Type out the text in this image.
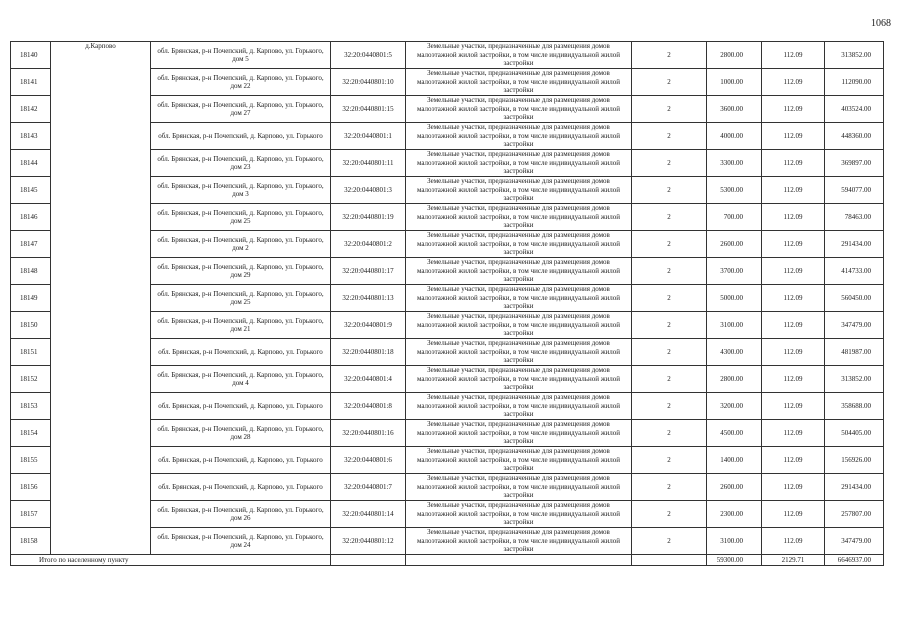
1068
18140	д.Карпово	обл. Брянская, р-н Почепский, д. Карпово, ул. Горького, дом 5	32:20:0440801:5	Земельные участки, предназначенные для размещения домов малоэтажной жилой застройки, в том числе индивидуальной жилой застройки	2	2800.00	112.09	313852.00
18141		обл. Брянская, р-н Почепский, д. Карпово, ул. Горького, дом 22	32:20:0440801:10	Земельные участки, предназначенные для размещения домов малоэтажной жилой застройки, в том числе индивидуальной жилой застройки	2	1000.00	112.09	112090.00
18142		обл. Брянская, р-н Почепский, д. Карпово, ул. Горького, дом 27	32:20:0440801:15	Земельные участки, предназначенные для размещения домов малоэтажной жилой застройки, в том числе индивидуальной жилой застройки	2	3600.00	112.09	403524.00
18143		обл. Брянская, р-н Почепский, д. Карпово, ул. Горького	32:20:0440801:1	Земельные участки, предназначенные для размещения домов малоэтажной жилой застройки, в том числе индивидуальной жилой застройки	2	4000.00	112.09	448360.00
18144		обл. Брянская, р-н Почепский, д. Карпово, ул. Горького, дом 23	32:20:0440801:11	Земельные участки, предназначенные для размещения домов малоэтажной жилой застройки, в том числе индивидуальной жилой застройки	2	3300.00	112.09	369897.00
18145		обл. Брянская, р-н Почепский, д. Карпово, ул. Горького, дом 3	32:20:0440801:3	Земельные участки, предназначенные для размещения домов малоэтажной жилой застройки, в том числе индивидуальной жилой застройки	2	5300.00	112.09	594077.00
18146		обл. Брянская, р-н Почепский, д. Карпово, ул. Горького, дом 25	32:20:0440801:19	Земельные участки, предназначенные для размещения домов малоэтажной жилой застройки, в том числе индивидуальной жилой застройки	2	700.00	112.09	78463.00
18147		обл. Брянская, р-н Почепский, д. Карпово, ул. Горького, дом 2	32:20:0440801:2	Земельные участки, предназначенные для размещения домов малоэтажной жилой застройки, в том числе индивидуальной жилой застройки	2	2600.00	112.09	291434.00
18148		обл. Брянская, р-н Почепский, д. Карпово, ул. Горького, дом 29	32:20:0440801:17	Земельные участки, предназначенные для размещения домов малоэтажной жилой застройки, в том числе индивидуальной жилой застройки	2	3700.00	112.09	414733.00
18149		обл. Брянская, р-н Почепский, д. Карпово, ул. Горького, дом 25	32:20:0440801:13	Земельные участки, предназначенные для размещения домов малоэтажной жилой застройки, в том числе индивидуальной жилой застройки	2	5000.00	112.09	560450.00
18150		обл. Брянская, р-н Почепский, д. Карпово, ул. Горького, дом 21	32:20:0440801:9	Земельные участки, предназначенные для размещения домов малоэтажной жилой застройки, в том числе индивидуальной жилой застройки	2	3100.00	112.09	347479.00
18151		обл. Брянская, р-н Почепский, д. Карпово, ул. Горького	32:20:0440801:18	Земельные участки, предназначенные для размещения домов малоэтажной жилой застройки, в том числе индивидуальной жилой застройки	2	4300.00	112.09	481987.00
18152		обл. Брянская, р-н Почепский, д. Карпово, ул. Горького, дом 4	32:20:0440801:4	Земельные участки, предназначенные для размещения домов малоэтажной жилой застройки, в том числе индивидуальной жилой застройки	2	2800.00	112.09	313852.00
18153		обл. Брянская, р-н Почепский, д. Карпово, ул. Горького	32:20:0440801:8	Земельные участки, предназначенные для размещения домов малоэтажной жилой застройки, в том числе индивидуальной жилой застройки	2	3200.00	112.09	358688.00
18154		обл. Брянская, р-н Почепский, д. Карпово, ул. Горького, дом 28	32:20:0440801:16	Земельные участки, предназначенные для размещения домов малоэтажной жилой застройки, в том числе индивидуальной жилой застройки	2	4500.00	112.09	504405.00
18155		обл. Брянская, р-н Почепский, д. Карпово, ул. Горького	32:20:0440801:6	Земельные участки, предназначенные для размещения домов малоэтажной жилой застройки, в том числе индивидуальной жилой застройки	2	1400.00	112.09	156926.00
18156		обл. Брянская, р-н Почепский, д. Карпово, ул. Горького	32:20:0440801:7	Земельные участки, предназначенные для размещения домов малоэтажной жилой застройки, в том числе индивидуальной жилой застройки	2	2600.00	112.09	291434.00
18157		обл. Брянская, р-н Почепский, д. Карпово, ул. Горького, дом 26	32:20:0440801:14	Земельные участки, предназначенные для размещения домов малоэтажной жилой застройки, в том числе индивидуальной жилой застройки	2	2300.00	112.09	257807.00
18158		обл. Брянская, р-н Почепский, д. Карпово, ул. Горького, дом 24	32:20:0440801:12	Земельные участки, предназначенные для размещения домов малоэтажной жилой застройки, в том числе индивидуальной жилой застройки	2	3100.00	112.09	347479.00
Итого по населенному пункту						59300.00	2129.71	6646937.00
